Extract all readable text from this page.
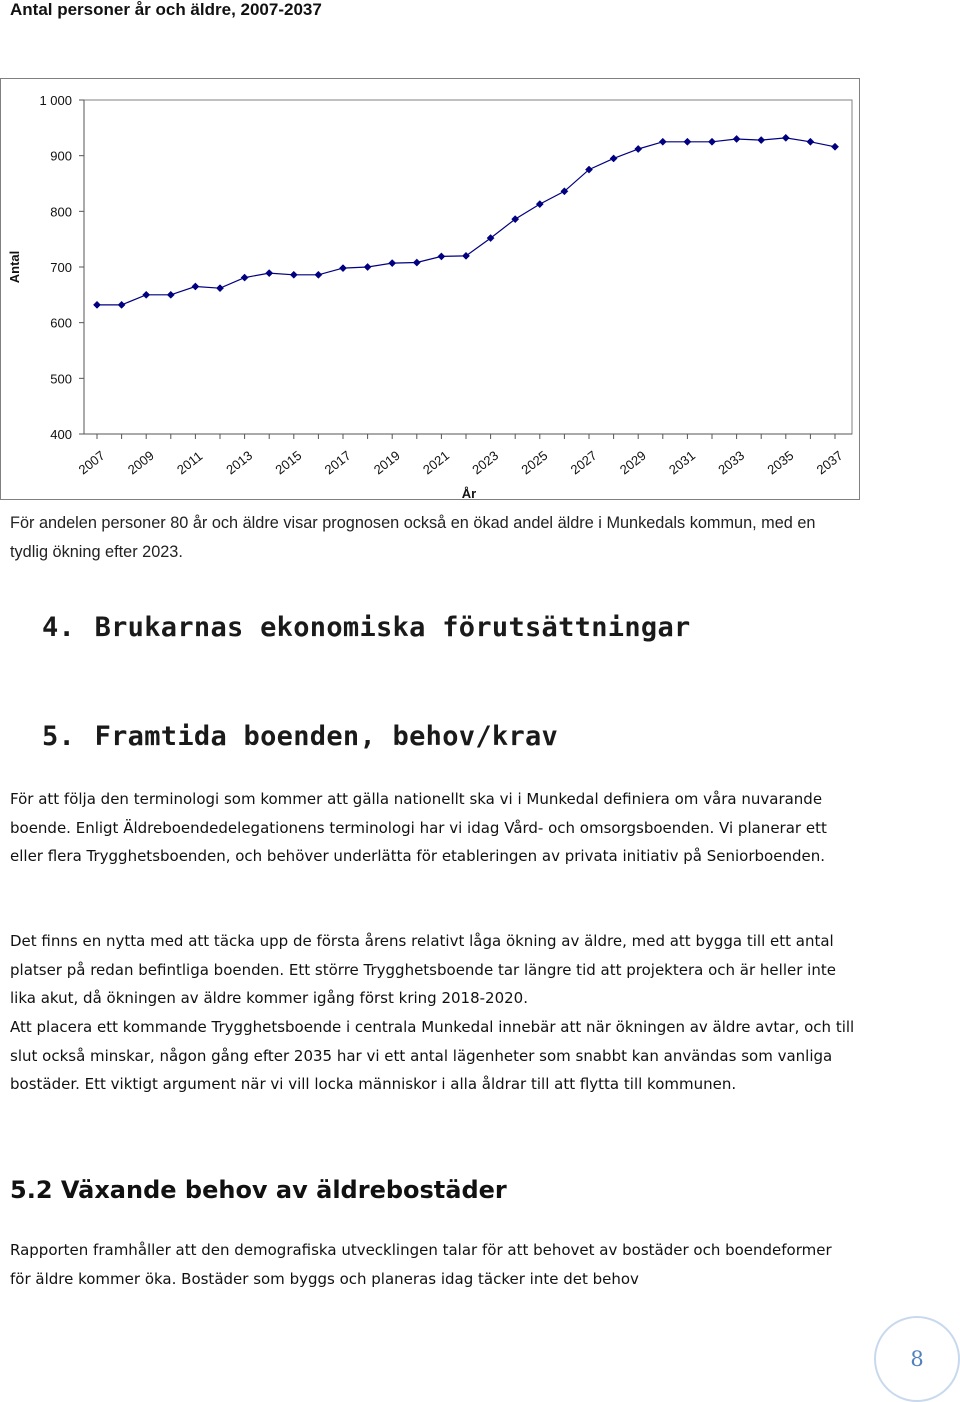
Antal personer år och äldre, 2007-2037
1 000
900
800
700
600
500
400
2007 2009 2011 2013 2015 2017 2019 2021 2023 2025 2027 2029 2031 2033 2035 2037
Antal
År

För andelen personer 80 år och äldre visar prognosen också en ökad andel äldre i Munkedals kommun, med en tydlig ökning efter 2023.

4. Brukarnas ekonomiska förutsättningar
5. Framtida boenden, behov/krav

För att följa den terminologi som kommer att gälla nationellt ska vi i Munkedal definiera om våra nuvarande boende. Enligt Äldreboendedelegationens terminologi har vi idag Vård- och omsorgsboenden. Vi planerar ett eller flera Trygghetsboenden, och behöver underlätta för etableringen av privata initiativ på Seniorboenden.

Det finns en nytta med att täcka upp de första årens relativt låga ökning av äldre, med att bygga till ett antal platser på redan befintliga boenden. Ett större Trygghetsboende tar längre tid att projektera och är heller inte lika akut, då ökningen av äldre kommer igång först kring 2018-2020.

Att placera ett kommande Trygghetsboende i centrala Munkedal innebär att när ökningen av äldre avtar, och till slut också minskar, någon gång efter 2035 har vi ett antal lägenheter som snabbt kan användas som vanliga bostäder. Ett viktigt argument när vi vill locka människor i alla åldrar till att flytta till kommunen.

5.2 Växande behov av äldrebostäder

Rapporten framhåller att den demografiska utvecklingen talar för att behovet av bostäder och boendeformer för äldre kommer öka. Bostäder som byggs och planeras idag täcker inte det behov

8
